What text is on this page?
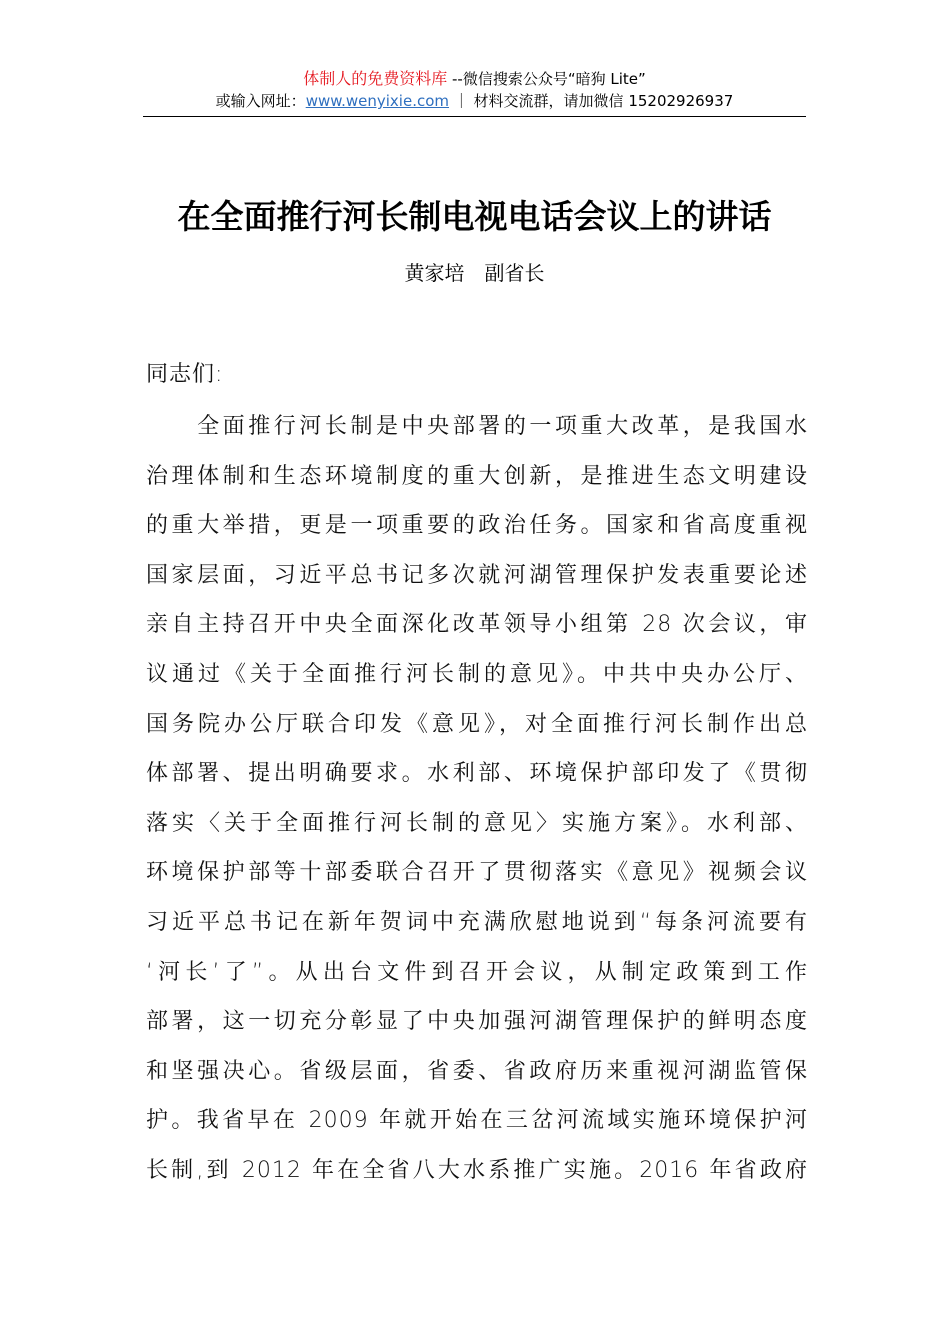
体制人的免费资料库 --微信搜索公众号“暗狗 Lite”
或输入网址：www.wenyixie.com ｜ 材料交流群，请加微信 15202926937
在全面推行河长制电视电话会议上的讲话
黄家培　副省长
同志们:
　　全面推行河长制是中央部署的一项重大改革，是我国水
治理体制和生态环境制度的重大创新，是推进生态文明建设
的重大举措，更是一项重要的政治任务。国家和省高度重视
国家层面，习近平总书记多次就河湖管理保护发表重要论述
亲自主持召开中央全面深化改革领导小组第 28 次会议，审
议通过《关于全面推行河长制的意见》。中共中央办公厅、
国务院办公厅联合印发《意见》，对全面推行河长制作出总
体部署、提出明确要求。水利部、环境保护部印发了《贯彻
落实〈关于全面推行河长制的意见〉实施方案》。水利部、
环境保护部等十部委联合召开了贯彻落实《意见》视频会议
习近平总书记在新年贺词中充满欣慰地说到“每条河流要有
‘河长’了”。从出台文件到召开会议，从制定政策到工作
部署，这一切充分彰显了中央加强河湖管理保护的鲜明态度
和坚强决心。省级层面，省委、省政府历来重视河湖监管保
护。我省早在 2009 年就开始在三岔河流域实施环境保护河
长制,到 2012 年在全省八大水系推广实施。2016 年省政府
